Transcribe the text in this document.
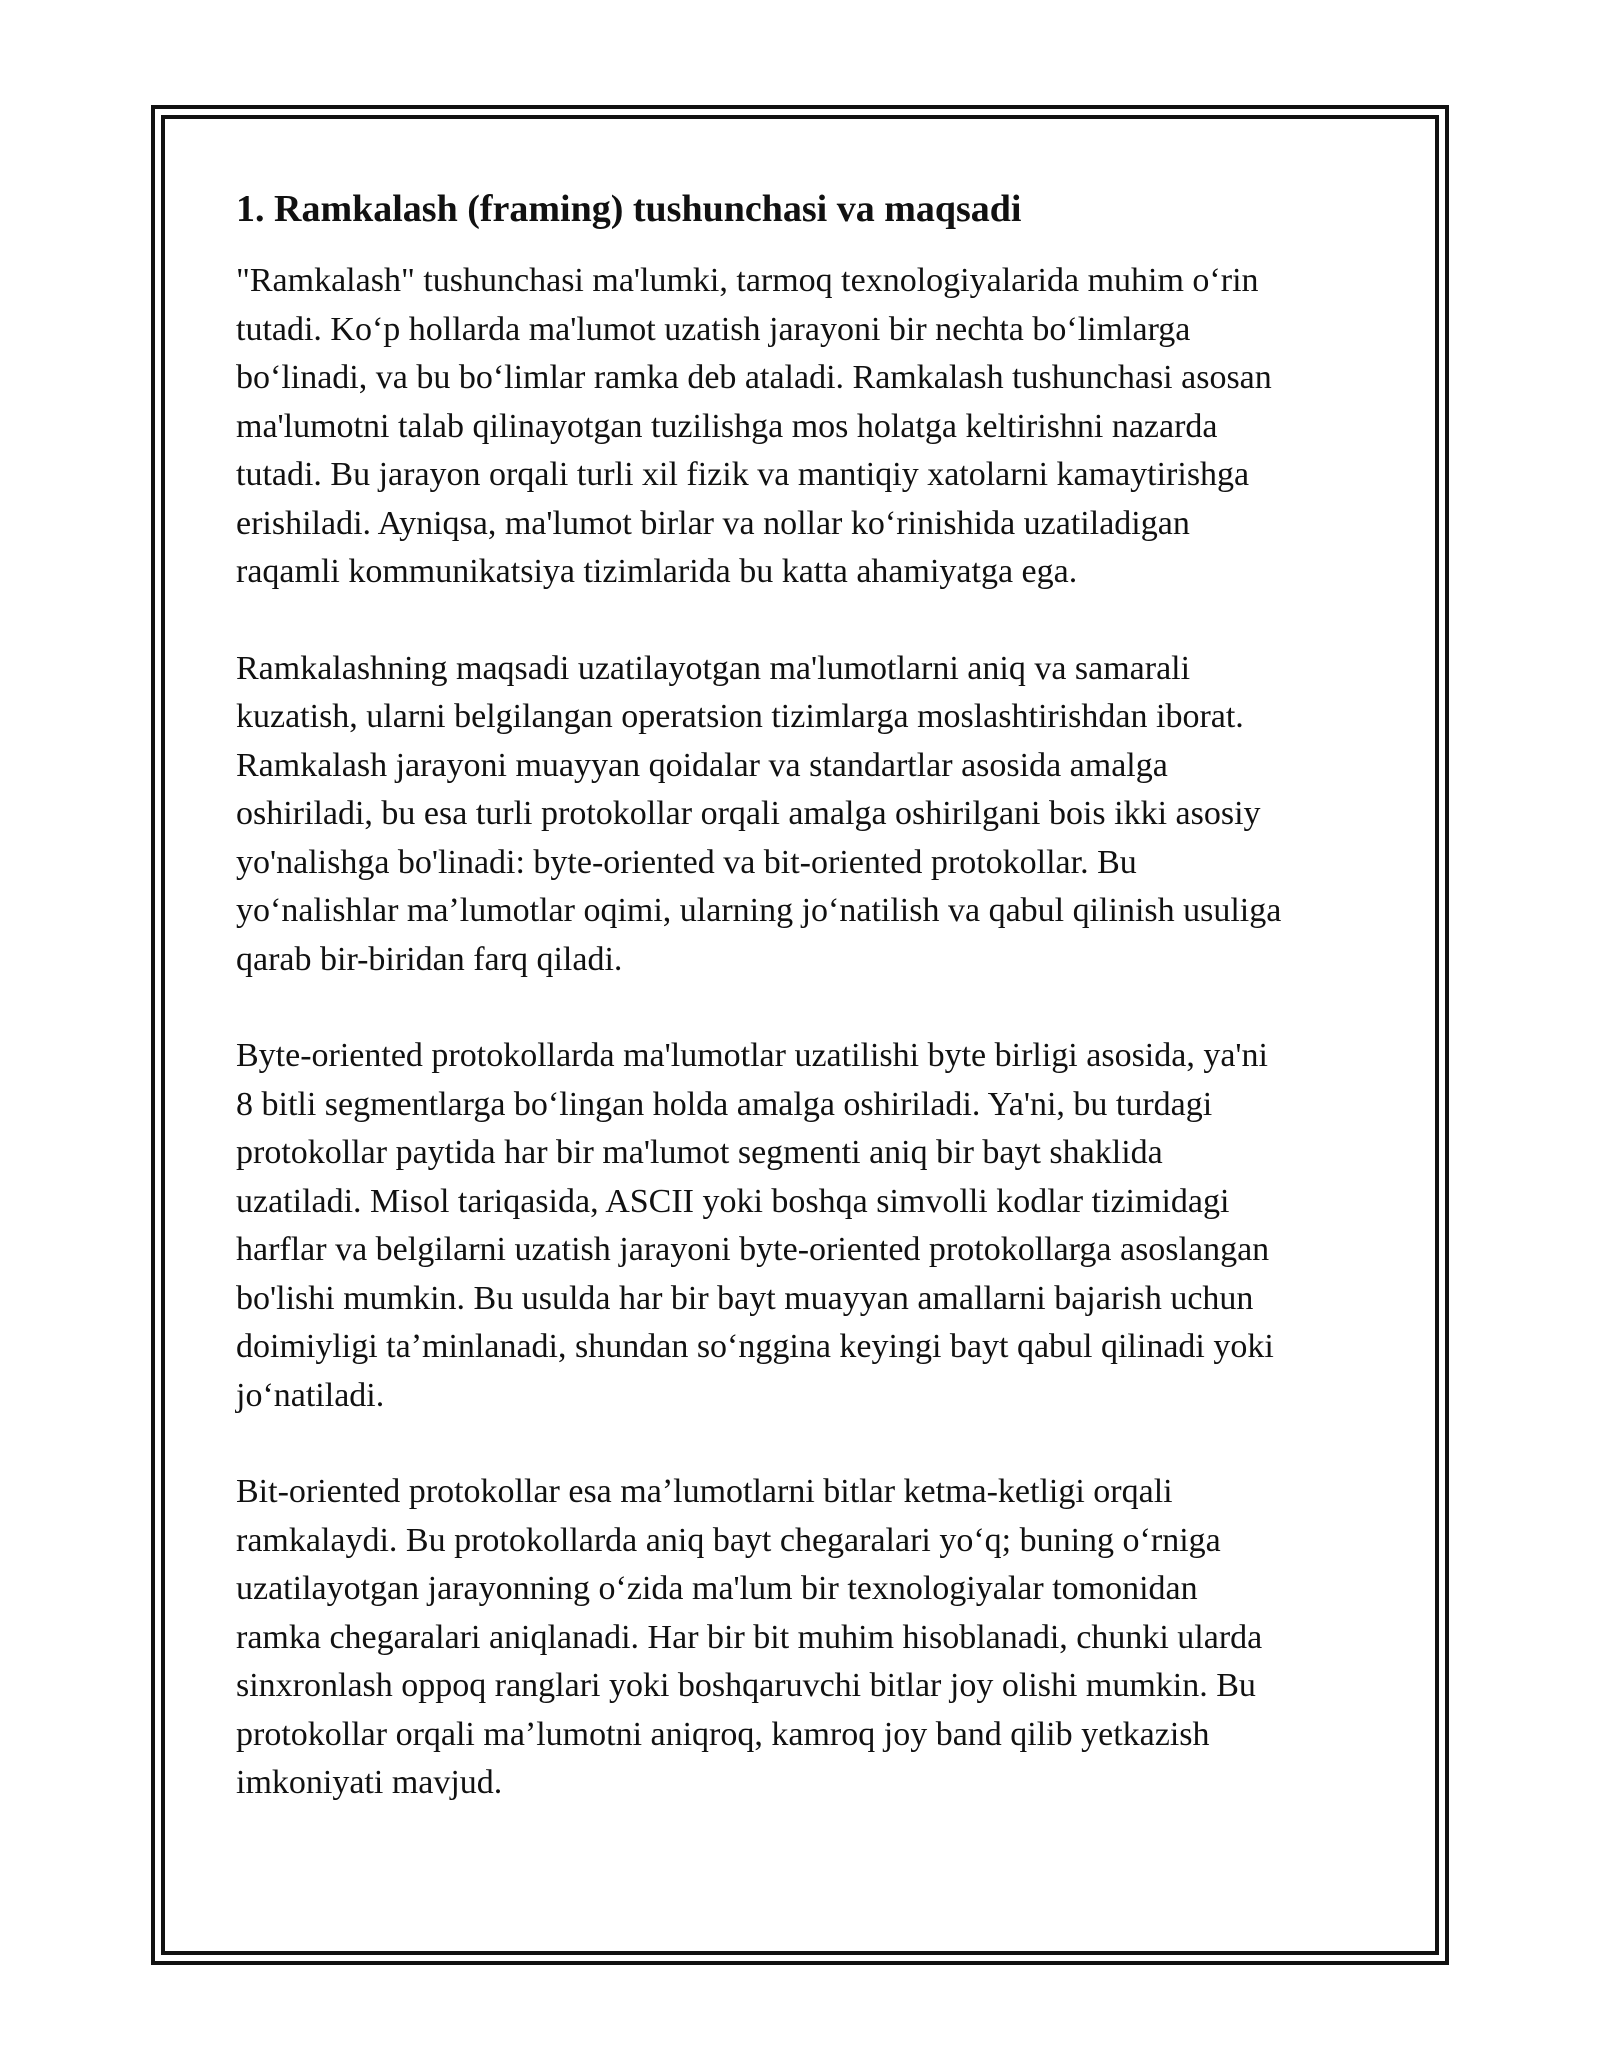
1. Ramkalash (framing) tushunchasi va maqsadi

"Ramkalash" tushunchasi ma'lumki, tarmoq texnologiyalarida muhim oʻrin
tutadi. Koʻp hollarda ma'lumot uzatish jarayoni bir nechta boʻlimlarga
boʻlinadi, va bu boʻlimlar ramka deb ataladi. Ramkalash tushunchasi asosan
ma'lumotni talab qilinayotgan tuzilishga mos holatga keltirishni nazarda
tutadi. Bu jarayon orqali turli xil fizik va mantiqiy xatolarni kamaytirishga
erishiladi. Ayniqsa, ma'lumot birlar va nollar koʻrinishida uzatiladigan
raqamli kommunikatsiya tizimlarida bu katta ahamiyatga ega.

Ramkalashning maqsadi uzatilayotgan ma'lumotlarni aniq va samarali
kuzatish, ularni belgilangan operatsion tizimlarga moslashtirishdan iborat.
Ramkalash jarayoni muayyan qoidalar va standartlar asosida amalga
oshiriladi, bu esa turli protokollar orqali amalga oshirilgani bois ikki asosiy
yo'nalishga bo'linadi: byte-oriented va bit-oriented protokollar. Bu
yoʻnalishlar maʼlumotlar oqimi, ularning joʻnatilish va qabul qilinish usuliga
qarab bir-biridan farq qiladi.

Byte-oriented protokollarda ma'lumotlar uzatilishi byte birligi asosida, ya'ni
8 bitli segmentlarga boʻlingan holda amalga oshiriladi. Ya'ni, bu turdagi
protokollar paytida har bir ma'lumot segmenti aniq bir bayt shaklida
uzatiladi. Misol tariqasida, ASCII yoki boshqa simvolli kodlar tizimidagi
harflar va belgilarni uzatish jarayoni byte-oriented protokollarga asoslangan
bo'lishi mumkin. Bu usulda har bir bayt muayyan amallarni bajarish uchun
doimiyligi taʼminlanadi, shundan soʻnggina keyingi bayt qabul qilinadi yoki
joʻnatiladi.

Bit-oriented protokollar esa maʼlumotlarni bitlar ketma-ketligi orqali
ramkalaydi. Bu protokollarda aniq bayt chegaralari yoʻq; buning oʻrniga
uzatilayotgan jarayonning oʻzida ma'lum bir texnologiyalar tomonidan
ramka chegaralari aniqlanadi. Har bir bit muhim hisoblanadi, chunki ularda
sinxronlash oppoq ranglari yoki boshqaruvchi bitlar joy olishi mumkin. Bu
protokollar orqali maʼlumotni aniqroq, kamroq joy band qilib yetkazish
imkoniyati mavjud.
